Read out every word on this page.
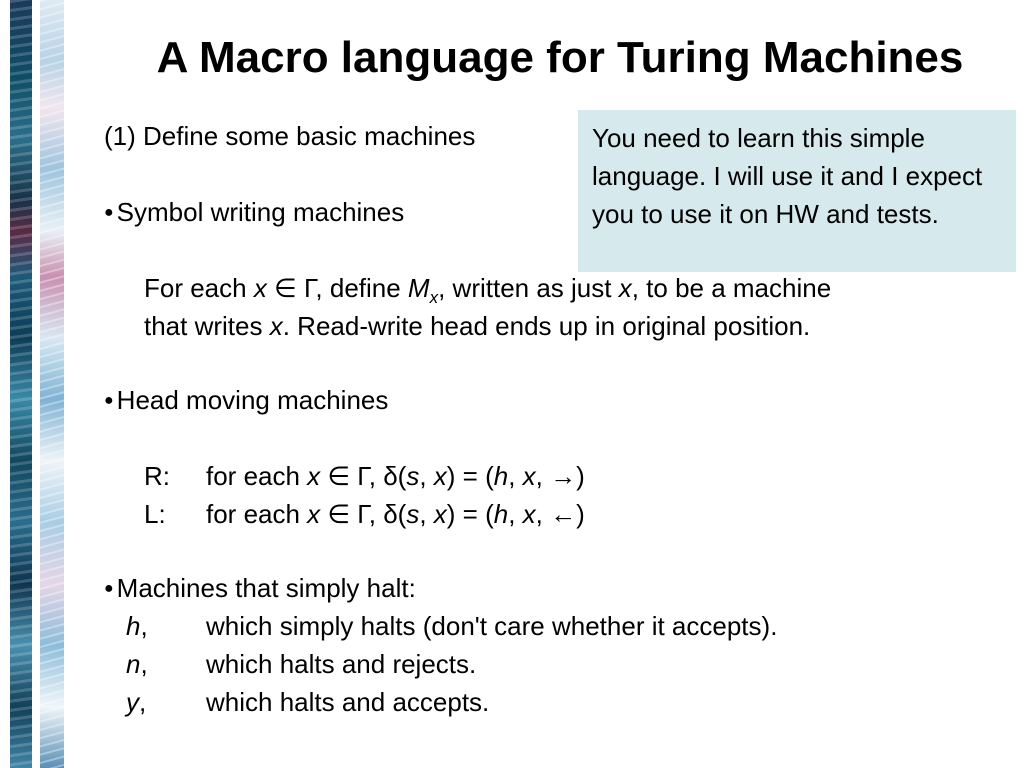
A Macro language for Turing Machines
You need to learn this simple language. I will use it and I expect you to use it on HW and tests.
(1) Define some basic machines
● Symbol writing machines
For each x ∈ Γ, define $M_x$, written as just x, to be a machine
that writes x. Read-write head ends up in original position.
● Head moving machines
R: for each x ∈ Γ, δ(s, x) = (h, x, →)
L: for each x ∈ Γ, δ(s, x) = (h, x, ←)
● Machines that simply halt:
h, which simply halts (don't care whether it accepts).
n, which halts and rejects.
y, which halts and accepts.
